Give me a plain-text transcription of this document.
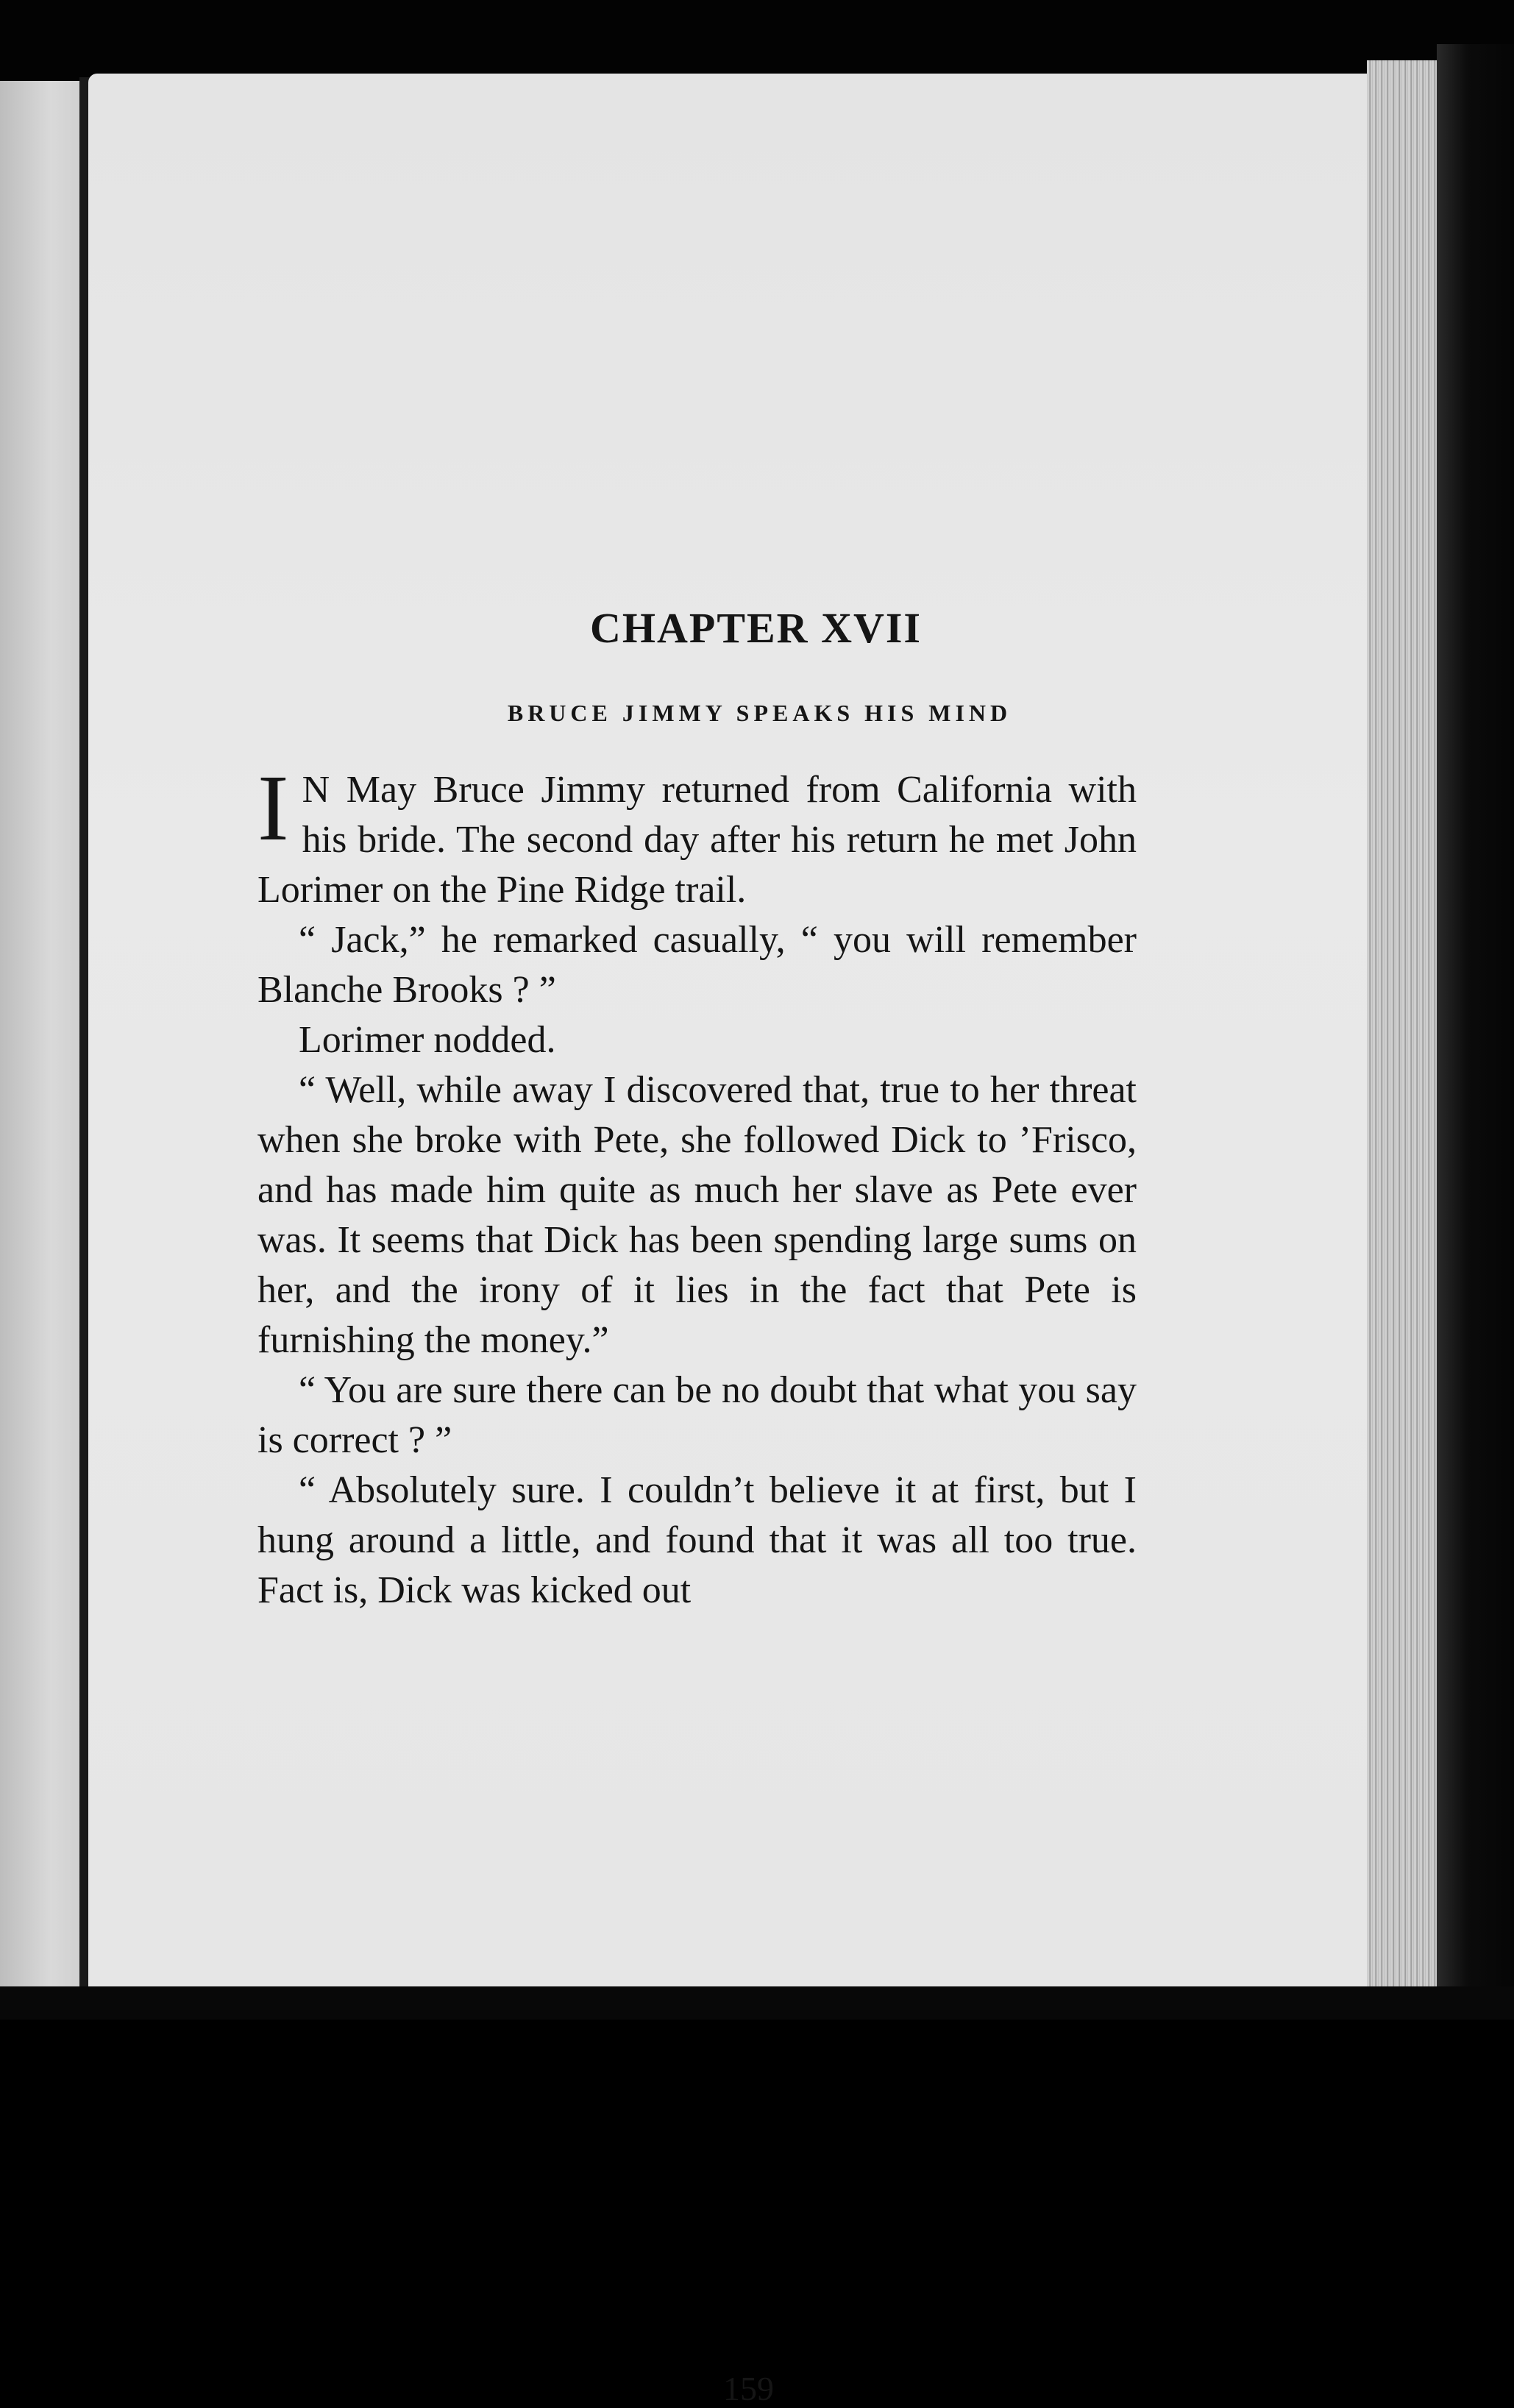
CHAPTER XVII
BRUCE JIMMY SPEAKS HIS MIND

I N May Bruce Jimmy returned from California with his bride. The second day after his return he met John Lorimer on the Pine Ridge trail.

“ Jack,” he remarked casually, “ you will remember Blanche Brooks ? ”

Lorimer nodded.

“ Well, while away I discovered that, true to her threat when she broke with Pete, she followed Dick to ’Frisco, and has made him quite as much her slave as Pete ever was. It seems that Dick has been spending large sums on her, and the irony of it lies in the fact that Pete is furnishing the money.”

“ You are sure there can be no doubt that what you say is correct ? ”

“ Absolutely sure. I couldn’t believe it at first, but I hung around a little, and found that it was all too true. Fact is, Dick was kicked out

159
